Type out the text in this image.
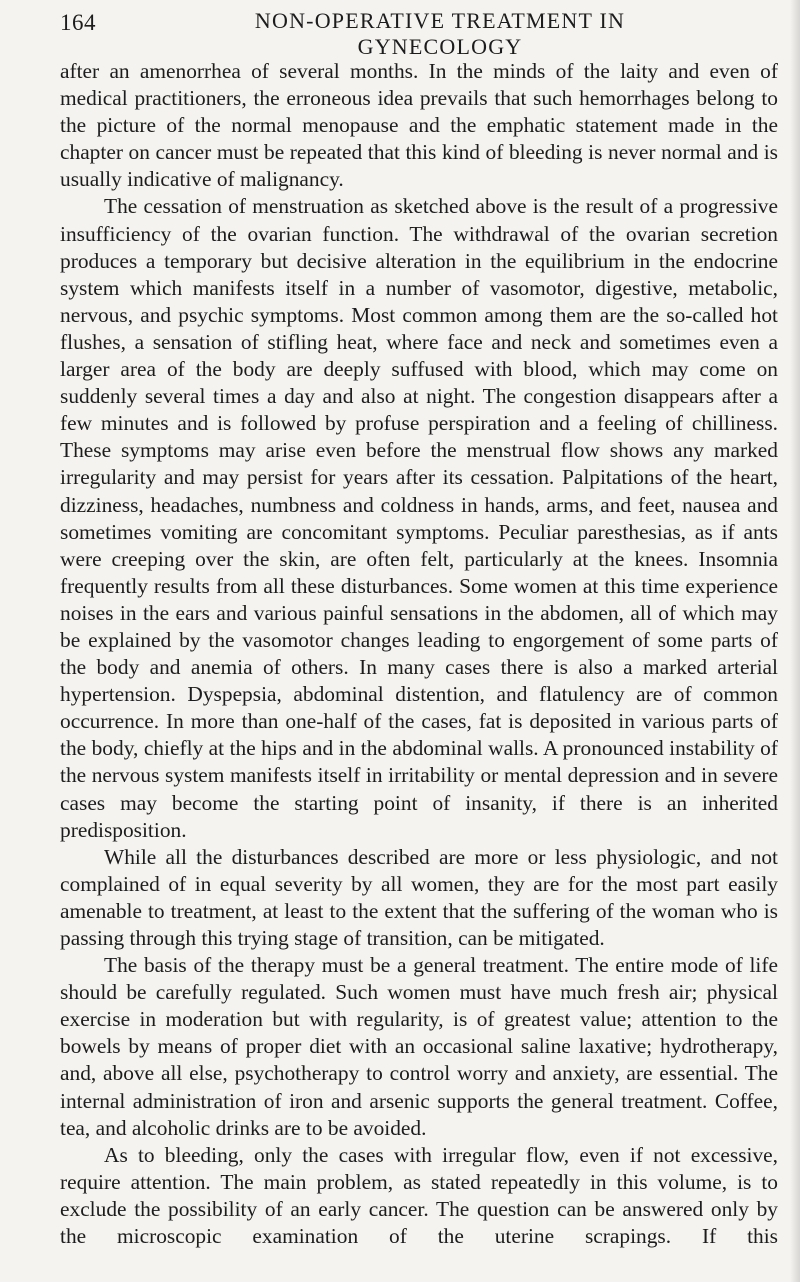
164	NON-OPERATIVE TREATMENT IN GYNECOLOGY

after an amenorrhea of several months. In the minds of the laity and even of medical practitioners, the erroneous idea prevails that such hemorrhages belong to the picture of the normal menopause and the emphatic statement made in the chapter on cancer must be repeated that this kind of bleeding is never normal and is usually indicative of malignancy.

The cessation of menstruation as sketched above is the result of a progressive insufficiency of the ovarian function. The withdrawal of the ovarian secretion produces a temporary but decisive alteration in the equilibrium in the endocrine system which manifests itself in a number of vasomotor, digestive, metabolic, nervous, and psychic symptoms. Most common among them are the so-called hot flushes, a sensation of stifling heat, where face and neck and sometimes even a larger area of the body are deeply suffused with blood, which may come on suddenly several times a day and also at night. The congestion disappears after a few minutes and is followed by profuse perspiration and a feeling of chilliness. These symptoms may arise even before the menstrual flow shows any marked irregularity and may persist for years after its cessation. Palpitations of the heart, dizziness, headaches, numbness and coldness in hands, arms, and feet, nausea and sometimes vomiting are concomitant symptoms. Peculiar paresthesias, as if ants were creeping over the skin, are often felt, particularly at the knees. Insomnia frequently results from all these disturbances. Some women at this time experience noises in the ears and various painful sensations in the abdomen, all of which may be explained by the vasomotor changes leading to engorgement of some parts of the body and anemia of others. In many cases there is also a marked arterial hypertension. Dyspepsia, abdominal distention, and flatulency are of common occurrence. In more than one-half of the cases, fat is deposited in various parts of the body, chiefly at the hips and in the abdominal walls. A pronounced instability of the nervous system manifests itself in irritability or mental depression and in severe cases may become the starting point of insanity, if there is an inherited predisposition.

While all the disturbances described are more or less physiologic, and not complained of in equal severity by all women, they are for the most part easily amenable to treatment, at least to the extent that the suffering of the woman who is passing through this trying stage of transition, can be mitigated.

The basis of the therapy must be a general treatment. The entire mode of life should be carefully regulated. Such women must have much fresh air; physical exercise in moderation but with regularity, is of greatest value; attention to the bowels by means of proper diet with an occasional saline laxative; hydrotherapy, and, above all else, psychotherapy to control worry and anxiety, are essential. The internal administration of iron and arsenic supports the general treatment. Coffee, tea, and alcoholic drinks are to be avoided.

As to bleeding, only the cases with irregular flow, even if not excessive, require attention. The main problem, as stated repeatedly in this volume, is to exclude the possibility of an early cancer. The question can be answered only by the microscopic examination of the uterine scrapings. If this
